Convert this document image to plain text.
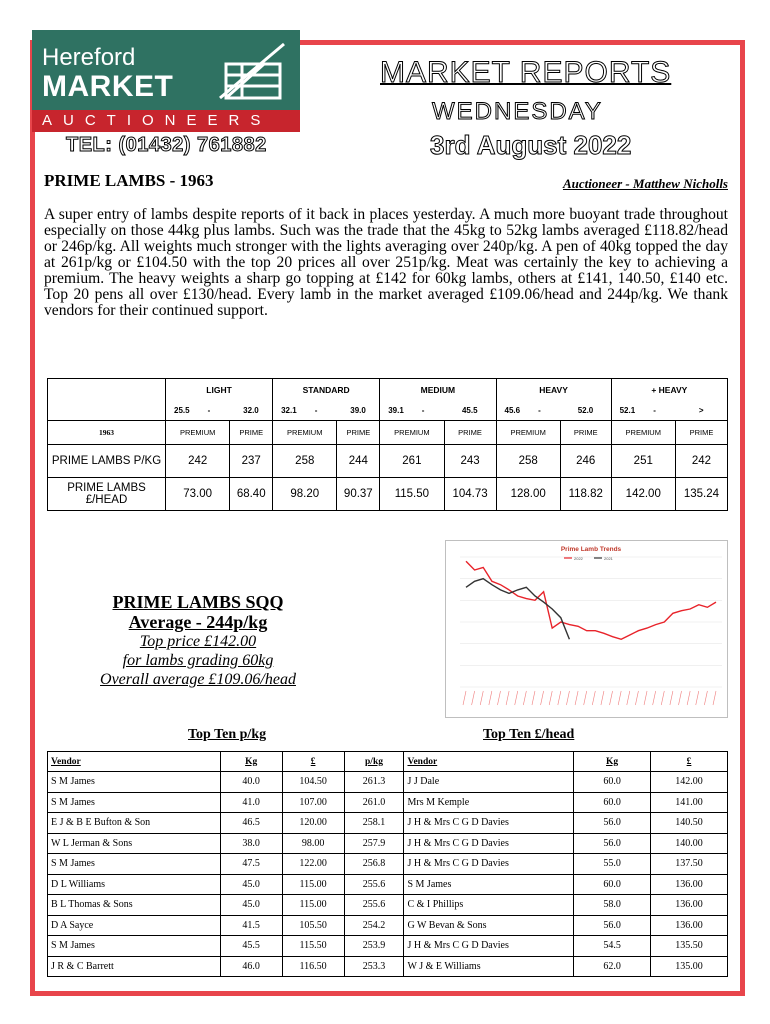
Hereford
MARKET
AUCTIONEERS
TEL: (01432) 761882
MARKET REPORTS
WEDNESDAY
3rd August 2022
PRIME LAMBS - 1963	Auctioneer - Matthew Nicholls

A super entry of lambs despite reports of it back in places yesterday. A much more buoyant trade throughout especially on those 44kg plus lambs. Such was the trade that the 45kg to 52kg lambs averaged £118.82/head or 246p/kg. All weights much stronger with the lights averaging over 240p/kg. A pen of 40kg topped the day at 261p/kg or £104.50 with the top 20 prices all over 251p/kg. Meat was certainly the key to achieving a premium. The heavy weights a sharp go topping at £142 for 60kg lambs, others at £141, 140.50, £140 etc. Top 20 pens all over £130/head. Every lamb in the market averaged £109.06/head and 244p/kg. We thank vendors for their continued support.

	LIGHT		STANDARD		MEDIUM		HEAVY		+ HEAVY	
	25.5 -	32.0	32.1 -	39.0	39.1 -	45.5	45.6 -	52.0	52.1 -	>
1963	PREMIUM	PRIME	PREMIUM	PRIME	PREMIUM	PRIME	PREMIUM	PRIME	PREMIUM	PRIME
PRIME LAMBS P/KG	242	237	258	244	261	243	258	246	251	242
PRIME LAMBS £/HEAD	73.00	68.40	98.20	90.37	115.50	104.73	128.00	118.82	142.00	135.24
PRIME LAMBS SQQ
Average - 244p/kg
Top price £142.00
for lambs grading 60kg
Overall average £109.06/head
Prime Lamb Trends
2022	2021
Top Ten p/kg	Top Ten £/head
Vendor	Kg	£	p/kg	Vendor	Kg	£
S M James	40.0	104.50	261.3	J J Dale	60.0	142.00
S M James	41.0	107.00	261.0	Mrs M Kemple	60.0	141.00
E J & B E Bufton & Son	46.5	120.00	258.1	J H & Mrs C G D Davies	56.0	140.50
W L Jerman & Sons	38.0	98.00	257.9	J H & Mrs C G D Davies	56.0	140.00
S M James	47.5	122.00	256.8	J H & Mrs C G D Davies	55.0	137.50
D L Williams	45.0	115.00	255.6	S M James	60.0	136.00
B L Thomas & Sons	45.0	115.00	255.6	C & I Phillips	58.0	136.00
D A Sayce	41.5	105.50	254.2	G W Bevan & Sons	56.0	136.00
S M James	45.5	115.50	253.9	J H & Mrs C G D Davies	54.5	135.50
J R & C Barrett	46.0	116.50	253.3	W J & E Williams	62.0	135.00
